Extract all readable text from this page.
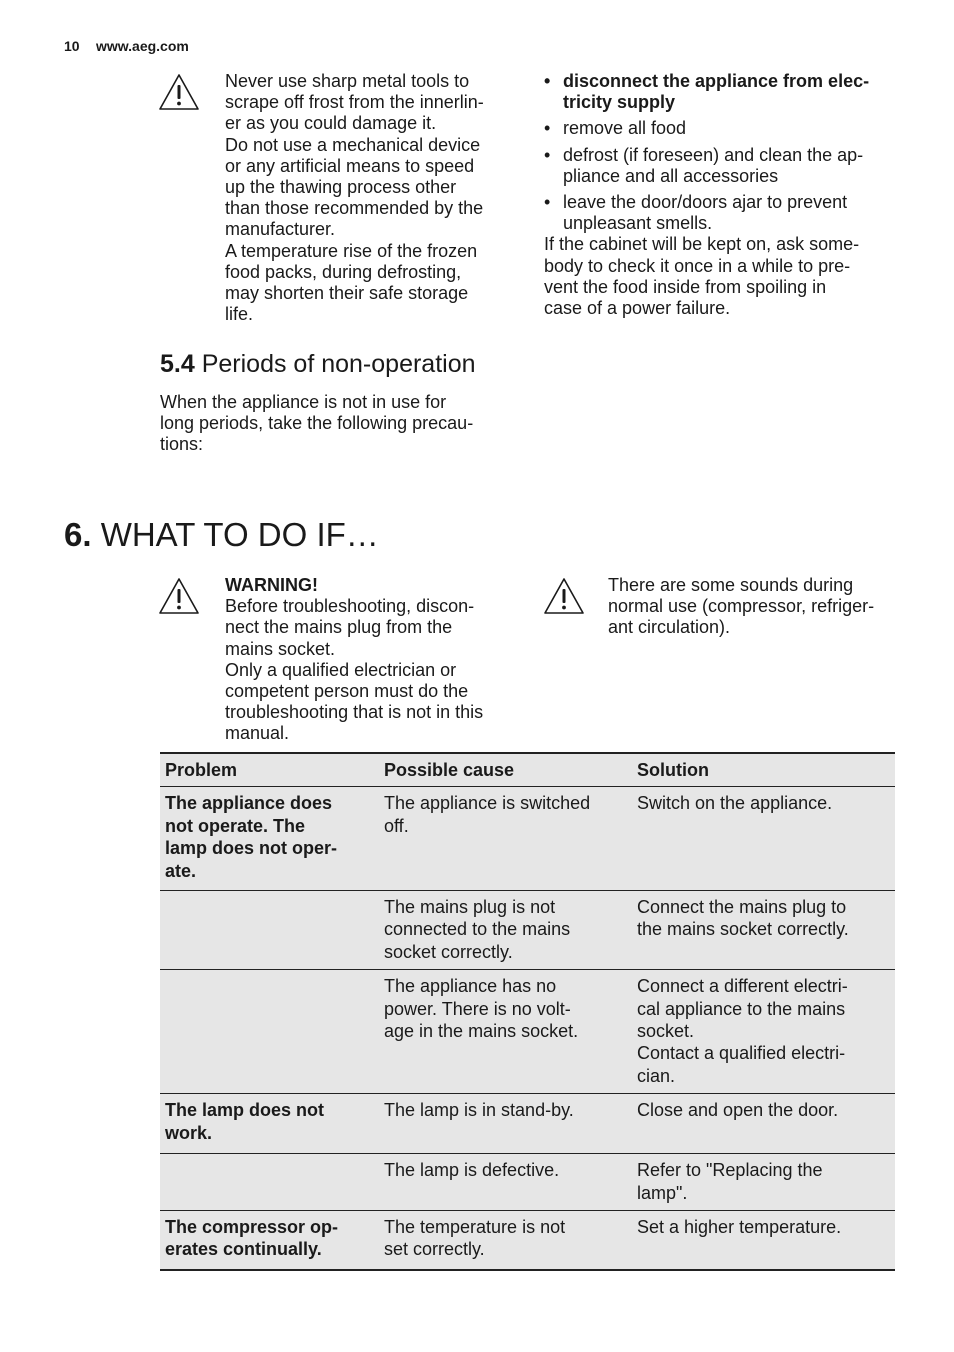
10 www.aeg.com
Never use sharp metal tools to
scrape off frost from the innerlin-
er as you could damage it.
Do not use a mechanical device
or any artificial means to speed
up the thawing process other
than those recommended by the
manufacturer.
A temperature rise of the frozen
food packs, during defrosting,
may shorten their safe storage
life.
5.4 Periods of non-operation
When the appliance is not in use for
long periods, take the following precau-
tions:
• disconnect the appliance from elec-
tricity supply
• remove all food
• defrost (if foreseen) and clean the ap-
pliance and all accessories
• leave the door/doors ajar to prevent
unpleasant smells.
If the cabinet will be kept on, ask some-
body to check it once in a while to pre-
vent the food inside from spoiling in
case of a power failure.
6. WHAT TO DO IF…
WARNING!
Before troubleshooting, discon-
nect the mains plug from the
mains socket.
Only a qualified electrician or
competent person must do the
troubleshooting that is not in this
manual.
There are some sounds during
normal use (compressor, refriger-
ant circulation).
Problem	Possible cause	Solution
The appliance does
not operate. The
lamp does not oper-
ate.	The appliance is switched
off.	Switch on the appliance.
	The mains plug is not
connected to the mains
socket correctly.	Connect the mains plug to
the mains socket correctly.
	The appliance has no
power. There is no volt-
age in the mains socket.	Connect a different electri-
cal appliance to the mains
socket.
Contact a qualified electri-
cian.
The lamp does not
work.	The lamp is in stand-by.	Close and open the door.
	The lamp is defective.	Refer to "Replacing the
lamp".
The compressor op-
erates continually.	The temperature is not
set correctly.	Set a higher temperature.
